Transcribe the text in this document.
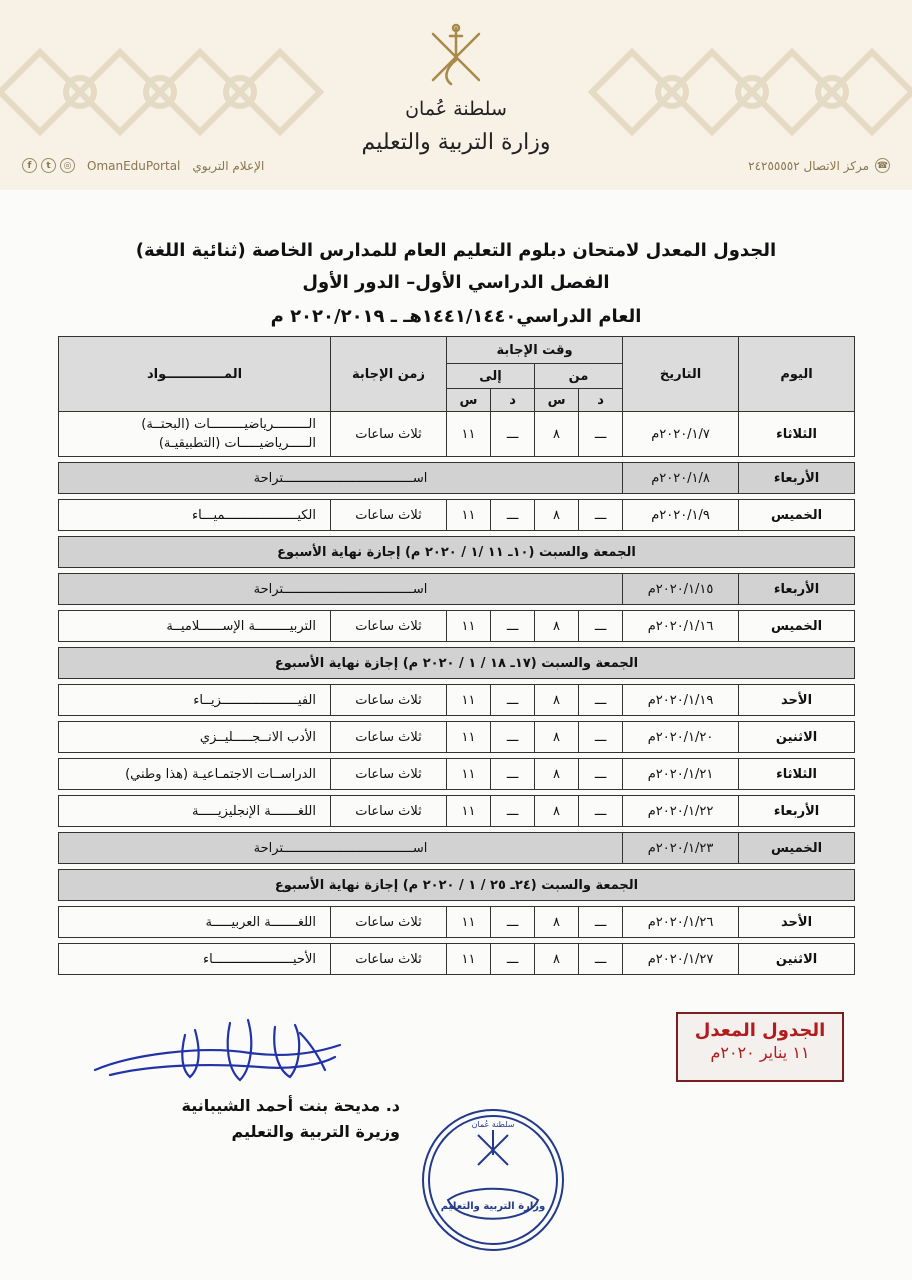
سلطنة عُمان
وزارة التربية والتعليم
f	t	◎ OmanEduPortal الإعلام التربوي	☎
مركز الاتصال ٢٤٢٥٥٥٥٢
الجدول المعدل لامتحان دبلوم التعليم العام للمدارس الخاصة (ثنائية اللغة)
الفصل الدراسي الأول– الدور الأول
العام الدراسي١٤٤١/١٤٤٠هـ ـ ٢٠٢٠/٢٠١٩ م
اليوم	التاريخ	وقت الإجابة				زمن الإجابة	المـــــــــــــواد
		من		إلى			
		د	س	د	س		
الثلاثاء	٢٠٢٠/١/٧م	ـــ	٨	ـــ	١١	ثلاث ساعات	الـــــــــرياضيـــــــــات (البحتــة)
الـــــرياضيـــــات (التطبيقيـة)

الأربعاء	٢٠٢٠/١/٨م	اســــــــــــــــــــــــــــــــــتراحة					

الخميس	٢٠٢٠/١/٩م	ـــ	٨	ـــ	١١	ثلاث ساعات	الكيـــــــــــــــــــميـــاء

الجمعة والسبت (١٠ـ ١١ /١ / ٢٠٢٠ م) إجازة نهاية الأسبوع							

الأربعاء	٢٠٢٠/١/١٥م	اســــــــــــــــــــــــــــــــــتراحة					

الخميس	٢٠٢٠/١/١٦م	ـــ	٨	ـــ	١١	ثلاث ساعات	التربيـــــــــة الإســــــلاميــة

الجمعة والسبت (١٧ـ ١٨ / ١ / ٢٠٢٠ م) إجازة نهاية الأسبوع							

الأحد	٢٠٢٠/١/١٩م	ـــ	٨	ـــ	١١	ثلاث ساعات	الفيــــــــــــــــــــزيــاء

الاثنين	٢٠٢٠/١/٢٠م	ـــ	٨	ـــ	١١	ثلاث ساعات	الأدب الانــجـــــليــزي

الثلاثاء	٢٠٢٠/١/٢١م	ـــ	٨	ـــ	١١	ثلاث ساعات	الدراســات الاجتمـاعيـة (هذا وطني)

الأربعاء	٢٠٢٠/١/٢٢م	ـــ	٨	ـــ	١١	ثلاث ساعات	اللغـــــــة الإنجليزيـــــة

الخميس	٢٠٢٠/١/٢٣م	اســــــــــــــــــــــــــــــــــتراحة					

الجمعة والسبت (٢٤ـ ٢٥ / ١ / ٢٠٢٠ م) إجازة نهاية الأسبوع							

الأحد	٢٠٢٠/١/٢٦م	ـــ	٨	ـــ	١١	ثلاث ساعات	اللغـــــــة العربيـــــة

الاثنين	٢٠٢٠/١/٢٧م	ـــ	٨	ـــ	١١	ثلاث ساعات	الأحيـــــــــــــــــــــاء
الجدول المعدل
١١ يناير ٢٠٢٠م
د. مديحة بنت أحمد الشيبانية
وزيرة التربية والتعليم	سلطنة عُمان
وزارة التربية والتعليم
